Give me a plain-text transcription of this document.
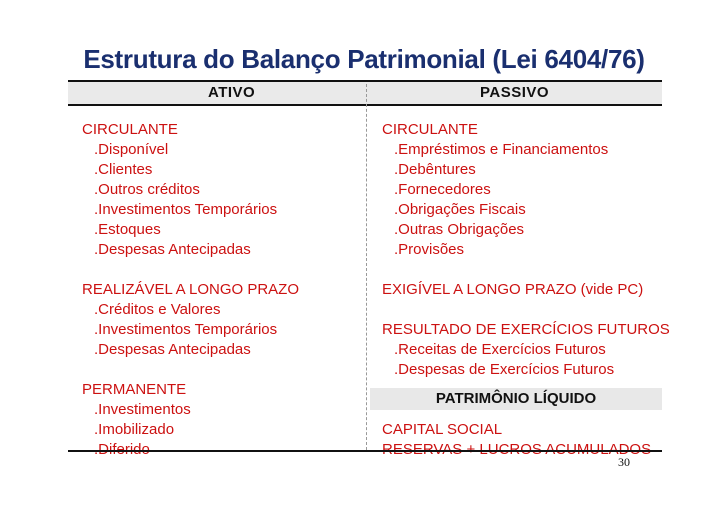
Estrutura do Balanço Patrimonial (Lei 6404/76)
ATIVO	PASSIVO
CIRCULANTE
.Disponível
.Clientes
.Outros créditos
.Investimentos Temporários
.Estoques
.Despesas Antecipadas
REALIZÁVEL A LONGO PRAZO
.Créditos e Valores
.Investimentos Temporários
.Despesas Antecipadas
PERMANENTE
.Investimentos
.Imobilizado
.Diferido
PATRIMÔNIO LÍQUIDO
CIRCULANTE
.Empréstimos e Financiamentos
.Debêntures
.Fornecedores
.Obrigações Fiscais
.Outras Obrigações
.Provisões
EXIGÍVEL A LONGO PRAZO (vide PC)
RESULTADO DE EXERCÍCIOS FUTUROS
.Receitas de Exercícios Futuros
.Despesas de Exercícios Futuros
CAPITAL SOCIAL
RESERVAS + LUCROS ACUMULADOS
30
